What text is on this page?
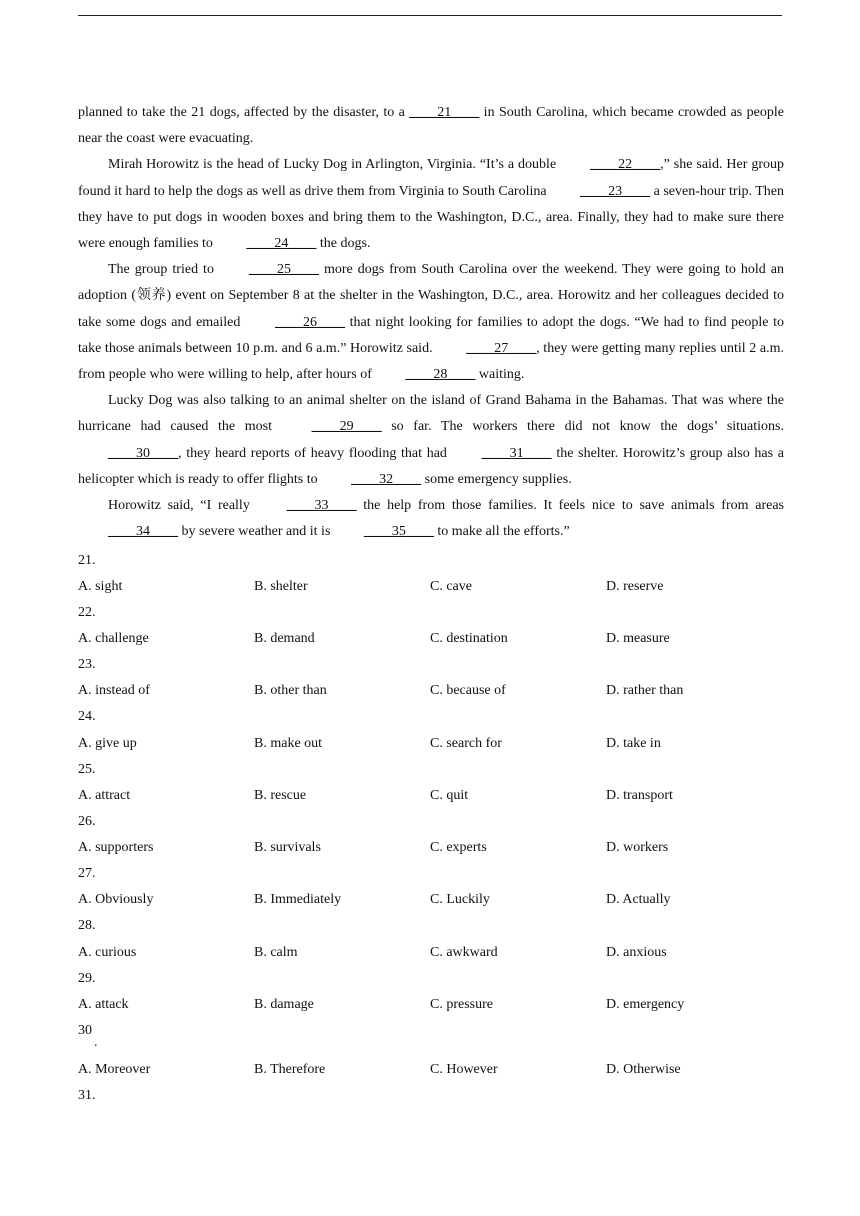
planned to take the 21 dogs, affected by the disaster, to a ____21____ in South Carolina, which became crowded as people near the coast were evacuating.

Mirah Horowitz is the head of Lucky Dog in Arlington, Virginia. “It’s a double ____22____,” she said. Her group found it hard to help the dogs as well as drive them from Virginia to South Carolina ____23____ a seven-hour trip. Then they have to put dogs in wooden boxes and bring them to the Washington, D.C., area. Finally, they had to make sure there were enough families to ____24____ the dogs.

The group tried to ____25____ more dogs from South Carolina over the weekend. They were going to hold an adoption (领养) event on September 8 at the shelter in the Washington, D.C., area. Horowitz and her colleagues decided to take some dogs and emailed ____26____ that night looking for families to adopt the dogs. “We had to find people to take those animals between 10 p.m. and 6 a.m.” Horowitz said. ____27____, they were getting many replies until 2 a.m. from people who were willing to help, after hours of ____28____ waiting.

Lucky Dog was also talking to an animal shelter on the island of Grand Bahama in the Bahamas. That was where the hurricane had caused the most ____29____ so far. The workers there did not know the dogs’ situations. ____30____, they heard reports of heavy flooding that had ____31____ the shelter. Horowitz’s group also has a helicopter which is ready to offer flights to ____32____ some emergency supplies.

Horowitz said, “I really ____33____ the help from those families. It feels nice to save animals from areas ____34____ by severe weather and it is ____35____ to make all the efforts.”

21.
A. sight	B. shelter	C. cave	D. reserve
22.
A. challenge	B. demand	C. destination	D. measure
23.
A. instead of	B. other than	C. because of	D. rather than
24.
A. give up	B. make out	C. search for	D. take in
25.
A. attract	B. rescue	C. quit	D. transport
26.
A. supporters	B. survivals	C. experts	D. workers
27.
A. Obviously	B. Immediately	C. Luckily	D. Actually
28.
A. curious	B. calm	C. awkward	D. anxious
29.
A. attack	B. damage	C. pressure	D. emergency
30
.
A. Moreover	B. Therefore	C. However	D. Otherwise
31.
